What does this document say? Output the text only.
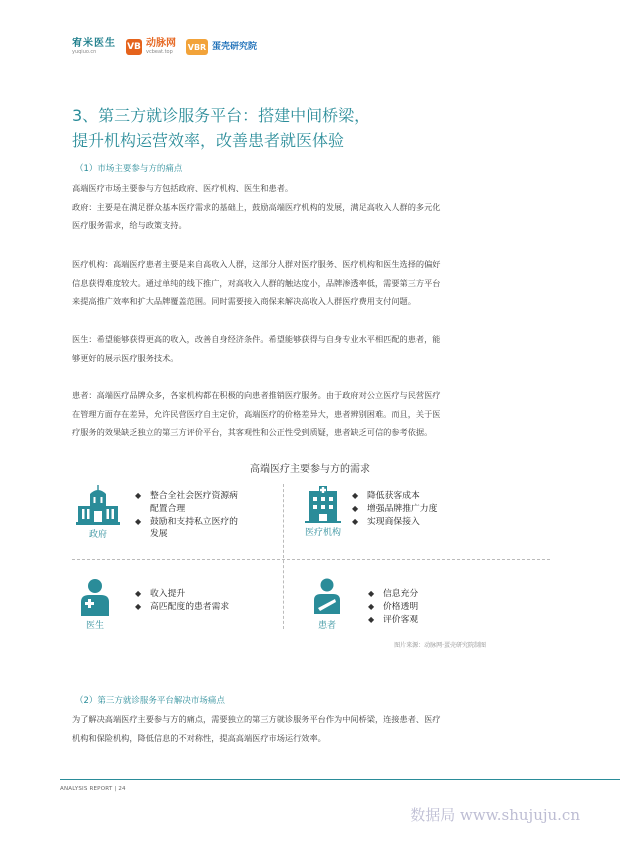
宥米医生
yuqiuo.cn	VB 动脉网
vcbeat.top
VBR 蛋壳研究院
3、第三方就诊服务平台：搭建中间桥梁，
提升机构运营效率，改善患者就医体验
（1）市场主要参与方的痛点
高端医疗市场主要参与方包括政府、医疗机构、医生和患者。
政府：主要是在满足群众基本医疗需求的基础上，鼓励高端医疗机构的发展，满足高收入人群的多元化
医疗服务需求，给与政策支持。
医疗机构：高端医疗患者主要是来自高收入人群，这部分人群对医疗服务、医疗机构和医生选择的偏好
信息获得难度较大。通过单纯的线下推广，对高收入人群的触达度小，品牌渗透率低，需要第三方平台
来提高推广效率和扩大品牌覆盖范围。同时需要接入商保来解决高收入人群医疗费用支付问题。
医生：希望能够获得更高的收入，改善自身经济条件。希望能够获得与自身专业水平相匹配的患者，能
够更好的展示医疗服务技术。
患者：高端医疗品牌众多，各家机构都在积极的向患者推销医疗服务。由于政府对公立医疗与民营医疗
在管理方面存在差异，允许民营医疗自主定价，高端医疗的价格差异大，患者辨别困难。而且，关于医
疗服务的效果缺乏独立的第三方评价平台，其客观性和公正性受到质疑，患者缺乏可信的参考依据。
高端医疗主要参与方的需求
政府
◆ 整合全社会医疗资源病配置合理
◆ 鼓励和支持私立医疗的发展	医疗机构
◆ 降低获客成本
◆ 增强品牌推广力度
◆ 实现商保接入
医生
◆ 收入提升
◆ 高匹配度的患者需求
患者
◆ 信息充分
◆ 价格透明
◆ 评价客观
图片来源：动脉网·蛋壳研究院制图
（2）第三方就诊服务平台解决市场痛点
为了解决高端医疗主要参与方的痛点，需要独立的第三方就诊服务平台作为中间桥梁，连接患者、医疗
机构和保险机构，降低信息的不对称性，提高高端医疗市场运行效率。
ANALYSIS REPORT | 24
数据局 www.shujuju.cn
